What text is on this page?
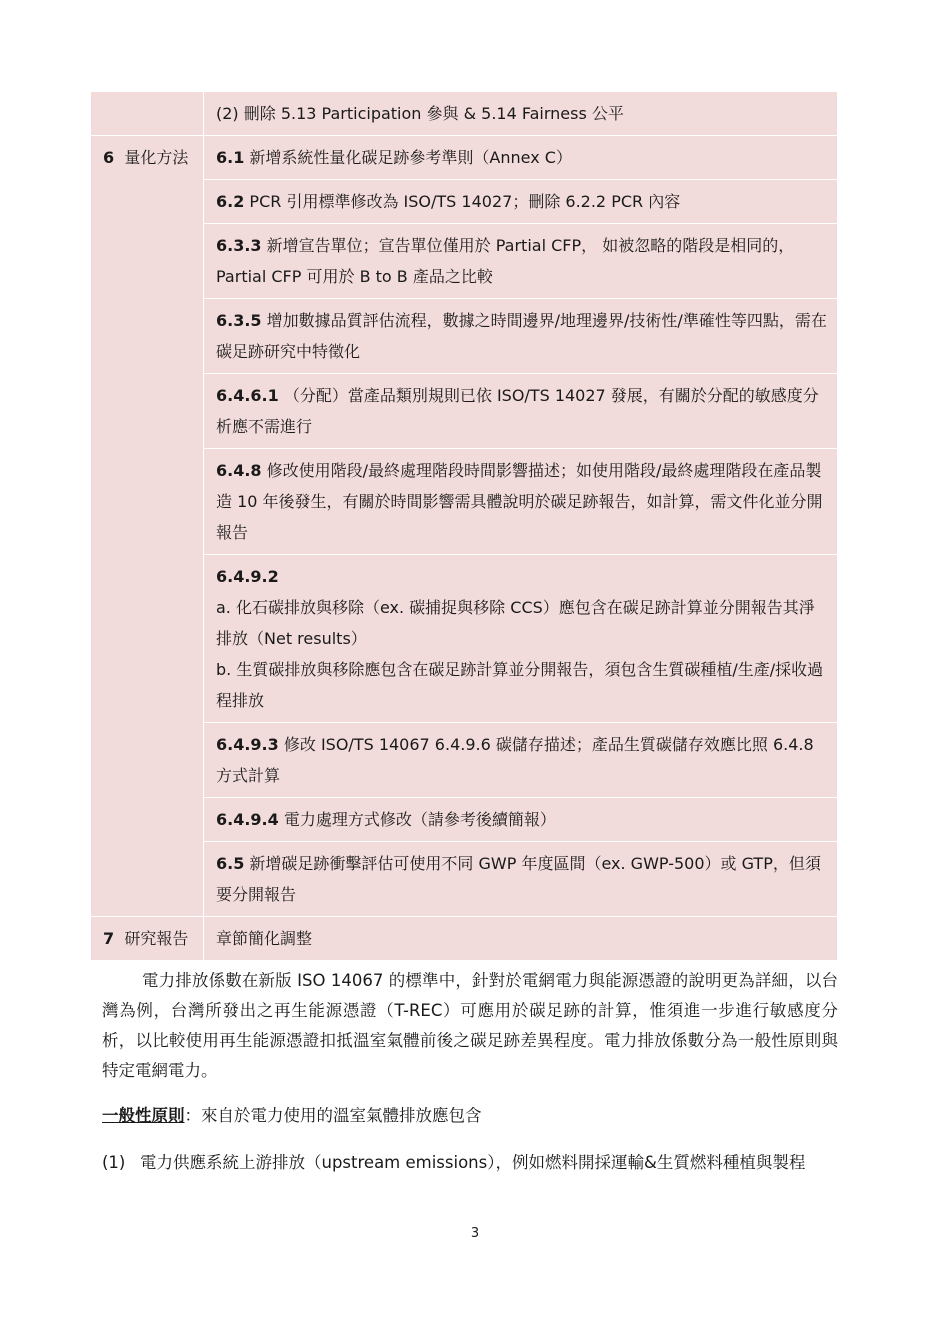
	(2) 刪除 5.13 Participation 參與 & 5.14 Fairness 公平
6 量化方法	6.1 新增系統性量化碳足跡參考準則（Annex C）
	6.2 PCR 引用標準修改為 ISO/TS 14027；刪除 6.2.2 PCR 內容
	6.3.3 新增宣告單位；宣告單位僅用於 Partial CFP， 如被忽略的階段是相同的，Partial CFP 可用於 B to B 產品之比較
	6.3.5 增加數據品質評估流程，數據之時間邊界/地理邊界/技術性/準確性等四點，需在碳足跡研究中特徵化
	6.4.6.1 （分配）當產品類別規則已依 ISO/TS 14027 發展，有關於分配的敏感度分析應不需進行
	6.4.8 修改使用階段/最終處理階段時間影響描述；如使用階段/最終處理階段在產品製造 10 年後發生，有關於時間影響需具體說明於碳足跡報告，如計算，需文件化並分開報告

	6.4.9.2
a. 化石碳排放與移除（ex. 碳捕捉與移除 CCS）應包含在碳足跡計算並分開報告其淨排放（Net results）
b. 生質碳排放與移除應包含在碳足跡計算並分開報告，須包含生質碳種植/生產/採收過程排放

	6.4.9.3 修改 ISO/TS 14067 6.4.9.6 碳儲存描述；產品生質碳儲存效應比照 6.4.8 方式計算
	6.4.9.4 電力處理方式修改（請參考後續簡報）
	6.5 新增碳足跡衝擊評估可使用不同 GWP 年度區間（ex. GWP-500）或 GTP，但須要分開報告
7 研究報告	章節簡化調整
電力排放係數在新版 ISO 14067 的標準中，針對於電網電力與能源憑證的說明更為詳細，以台灣為例，台灣所發出之再生能源憑證（T-REC）可應用於碳足跡的計算，惟須進一步進行敏感度分析，以比較使用再生能源憑證扣抵溫室氣體前後之碳足跡差異程度。電力排放係數分為一般性原則與特定電網電力。
一般性原則：來自於電力使用的溫室氣體排放應包含
(1) 電力供應系統上游排放（upstream emissions），例如燃料開採運輸&生質燃料種植與製程
3
